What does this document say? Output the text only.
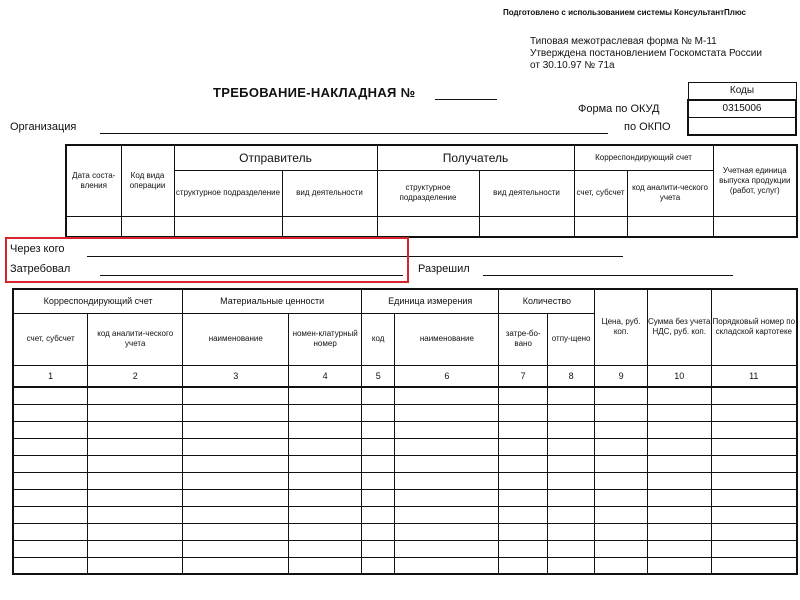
Подготовлено с использованием системы КонсультантПлюс
Типовая межотраслевая форма № М-11
Утверждена постановлением Госкомстата России
от 30.10.97 № 71а
ТРЕБОВАНИЕ-НАКЛАДНАЯ №	Коды
0315006

Форма по ОКУД
по ОКПО
Организация
Дата соста-вления	Код вида операции	Отправитель		Получатель		Корреспондирующий счет		Учетная единица выпуска продукции (работ, услуг)
		структурное подразделение	вид деятельности	структурное подразделение	вид деятельности	счет, субсчет	код аналити-ческого учета	

Через кого
Затребовал	Разрешил
Корреспондирующий счет		Материальные ценности		Единица измерения		Количество		Цена, руб. коп.	Сумма без учета НДС, руб. коп.	Порядковый номер по складской картотеке
счет, субсчет	код аналити-ческого учета	наименование	номен-клатурный номер	код	наименование	затре-бо-вано	отпу-щено			
1	2	3	4	5	6	7	8	9	10	11
